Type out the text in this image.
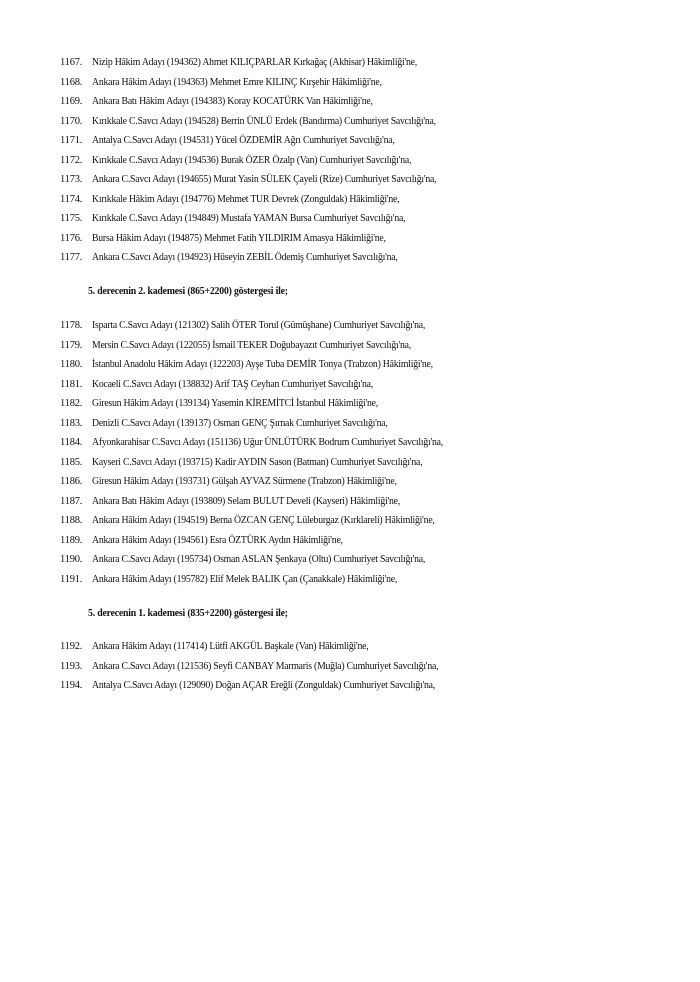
1167. Nizip Hâkim Adayı (194362) Ahmet KILIÇPARLAR Kırkağaç (Akhisar) Hâkimliği'ne,
1168. Ankara Hâkim Adayı (194363) Mehmet Emre KILINÇ Kırşehir Hâkimliği'ne,
1169. Ankara Batı Hâkim Adayı (194383) Koray KOCATÜRK Van Hâkimliği'ne,
1170. Kırıkkale C.Savcı Adayı (194528) Berrin ÜNLÜ Erdek (Bandırma) Cumhuriyet Savcılığı'na,
1171. Antalya C.Savcı Adayı (194531) Yücel ÖZDEMİR Ağrı Cumhuriyet Savcılığı'na,
1172. Kırıkkale C.Savcı Adayı (194536) Burak ÖZER Özalp (Van) Cumhuriyet Savcılığı'na,
1173. Ankara C.Savcı Adayı (194655) Murat Yasin SÜLEK Çayeli (Rize) Cumhuriyet Savcılığı'na,
1174. Kırıkkale Hâkim Adayı (194776) Mehmet TUR Devrek (Zonguldak) Hâkimliği'ne,
1175. Kırıkkale C.Savcı Adayı (194849) Mustafa YAMAN Bursa Cumhuriyet Savcılığı'na,
1176. Bursa Hâkim Adayı (194875) Mehmet Fatih YILDIRIM Amasya Hâkimliği'ne,
1177. Ankara C.Savcı Adayı (194923) Hüseyin ZEBİL Ödemiş Cumhuriyet Savcılığı'na,
5. derecenin 2. kademesi (865+2200) göstergesi ile;
1178. Isparta C.Savcı Adayı (121302) Salih ÖTER Torul (Gümüşhane) Cumhuriyet Savcılığı'na,
1179. Mersin C.Savcı Adayı (122055) İsmail TEKER Doğubayazıt Cumhuriyet Savcılığı'na,
1180. İstanbul Anadolu Hâkim Adayı (122203) Ayşe Tuba DEMİR Tonya (Trabzon) Hâkimliği'ne,
1181. Kocaeli C.Savcı Adayı (138832) Arif TAŞ Ceyhan Cumhuriyet Savcılığı'na,
1182. Giresun Hâkim Adayı (139134) Yasemin KİREMİTCİ İstanbul Hâkimliği'ne,
1183. Denizli C.Savcı Adayı (139137) Osman GENÇ Şırnak Cumhuriyet Savcılığı'na,
1184. Afyonkarahisar C.Savcı Adayı (151136) Uğur ÜNLÜTÜRK Bodrum Cumhuriyet Savcılığı'na,
1185. Kayseri C.Savcı Adayı (193715) Kadir AYDIN Sason (Batman) Cumhuriyet Savcılığı'na,
1186. Giresun Hâkim Adayı (193731) Gülşah AYVAZ Sürmene (Trabzon) Hâkimliği'ne,
1187. Ankara Batı Hâkim Adayı (193809) Selam BULUT Develi (Kayseri) Hâkimliği'ne,
1188. Ankara Hâkim Adayı (194519) Berna ÖZCAN GENÇ Lüleburgaz (Kırklareli) Hâkimliği'ne,
1189. Ankara Hâkim Adayı (194561) Esra ÖZTÜRK Aydın Hâkimliği'ne,
1190. Ankara C.Savcı Adayı (195734) Osman ASLAN Şenkaya (Oltu) Cumhuriyet Savcılığı'na,
1191. Ankara Hâkim Adayı (195782) Elif Melek BALIK Çan (Çanakkale) Hâkimliği'ne,
5. derecenin 1. kademesi (835+2200) göstergesi ile;
1192. Ankara Hâkim Adayı (117414) Lütfi AKGÜL Başkale (Van) Hâkimliği'ne,
1193. Ankara C.Savcı Adayı (121536) Seyfi CANBAY Marmaris (Muğla) Cumhuriyet Savcılığı'na,
1194. Antalya C.Savcı Adayı (129090) Doğan AÇAR Ereğli (Zonguldak) Cumhuriyet Savcılığı'na,
